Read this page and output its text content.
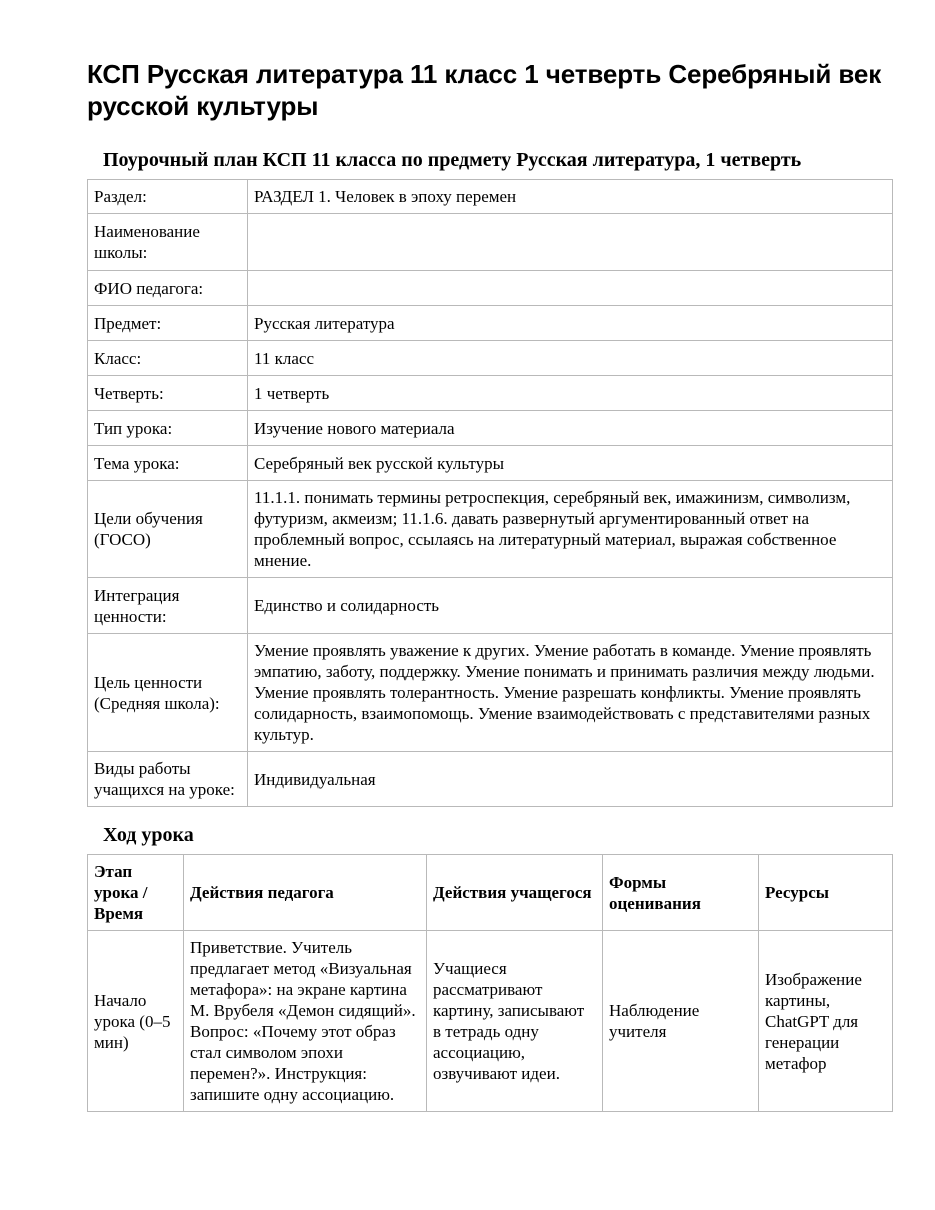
КСП Русская литература 11 класс 1 четверть Серебряный век русской культуры
Поурочный план КСП 11 класса по предмету Русская литература, 1 четверть
Раздел:	РАЗДЕЛ 1. Человек в эпоху перемен
Наименование школы:	
ФИО педагога:	
Предмет:	Русская литература
Класс:	11 класс
Четверть:	1 четверть
Тип урока:	Изучение нового материала
Тема урока:	Серебряный век русской культуры
Цели обучения (ГОСО)	11.1.1. понимать термины ретроспекция, серебряный век, имажинизм, символизм, футуризм, акмеизм; 11.1.6. давать развернутый аргументированный ответ на проблемный вопрос, ссылаясь на литературный материал, выражая собственное мнение.
Интеграция ценности:	Единство и солидарность
Цель ценности (Средняя школа):	Умение проявлять уважение к других. Умение работать в команде. Умение проявлять эмпатию, заботу, поддержку. Умение понимать и принимать различия между людьми. Умение проявлять толерантность. Умение разрешать конфликты. Умение проявлять солидарность, взаимопомощь. Умение взаимодействовать с представителями разных культур.
Виды работы учащихся на уроке:	Индивидуальная
Ход урока
Этап урока / Время	Действия педагога	Действия учащегося	Формы оценивания	Ресурсы
Начало урока (0–5 мин)	Приветствие. Учитель предлагает метод «Визуальная метафора»: на экране картина М. Врубеля «Демон сидящий». Вопрос: «Почему этот образ стал символом эпохи перемен?». Инструкция: запишите одну ассоциацию.	Учащиеся рассматривают картину, записывают в тетрадь одну ассоциацию, озвучивают идеи.	Наблюдение учителя	Изображение картины, ChatGPT для генерации метафор
